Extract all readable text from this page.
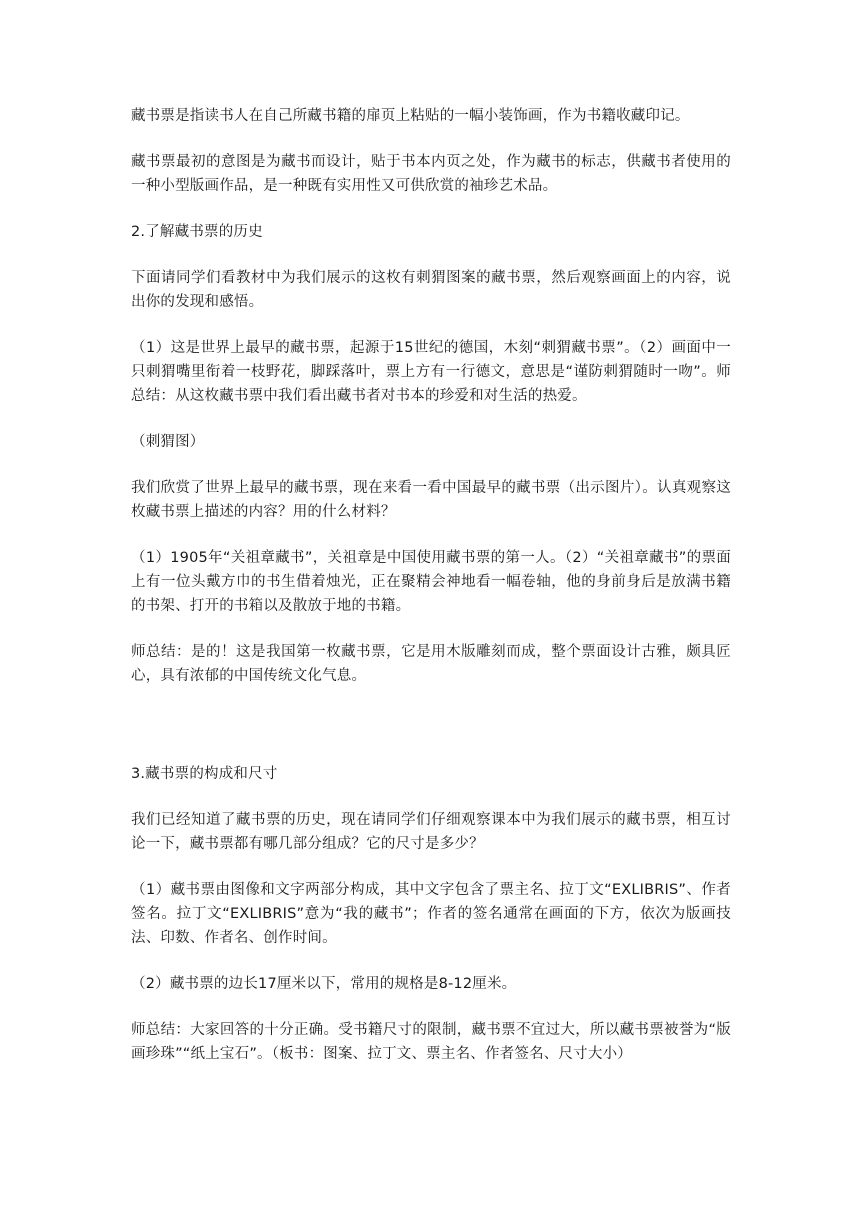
藏书票是指读书人在自己所藏书籍的扉页上粘贴的一幅小装饰画，作为书籍收藏印记。

藏书票最初的意图是为藏书而设计，贴于书本内页之处，作为藏书的标志，供藏书者使用的一种小型版画作品，是一种既有实用性又可供欣赏的袖珍艺术品。

2.了解藏书票的历史

下面请同学们看教材中为我们展示的这枚有刺猬图案的藏书票，然后观察画面上的内容，说出你的发现和感悟。

（1）这是世界上最早的藏书票，起源于15世纪的德国，木刻“刺猬藏书票”。（2）画面中一只刺猬嘴里衔着一枝野花，脚踩落叶，票上方有一行德文，意思是“谨防刺猬随时一吻”。师总结：从这枚藏书票中我们看出藏书者对书本的珍爱和对生活的热爱。

（刺猬图）

我们欣赏了世界上最早的藏书票，现在来看一看中国最早的藏书票（出示图片）。认真观察这枚藏书票上描述的内容？用的什么材料？

（1）1905年“关祖章藏书”，关祖章是中国使用藏书票的第一人。（2）“关祖章藏书”的票面上有一位头戴方巾的书生借着烛光，正在聚精会神地看一幅卷轴，他的身前身后是放满书籍的书架、打开的书箱以及散放于地的书籍。

师总结：是的！这是我国第一枚藏书票，它是用木版雕刻而成，整个票面设计古雅，颇具匠心，具有浓郁的中国传统文化气息。

3.藏书票的构成和尺寸

我们已经知道了藏书票的历史，现在请同学们仔细观察课本中为我们展示的藏书票，相互讨论一下，藏书票都有哪几部分组成？它的尺寸是多少？

（1）藏书票由图像和文字两部分构成，其中文字包含了票主名、拉丁文“EXLIBRIS”、作者签名。拉丁文“EXLIBRIS”意为“我的藏书”；作者的签名通常在画面的下方，依次为版画技法、印数、作者名、创作时间。

（2）藏书票的边长17厘米以下，常用的规格是8-12厘米。

师总结：大家回答的十分正确。受书籍尺寸的限制，藏书票不宜过大，所以藏书票被誉为“版画珍珠”“纸上宝石”。（板书：图案、拉丁文、票主名、作者签名、尺寸大小）
